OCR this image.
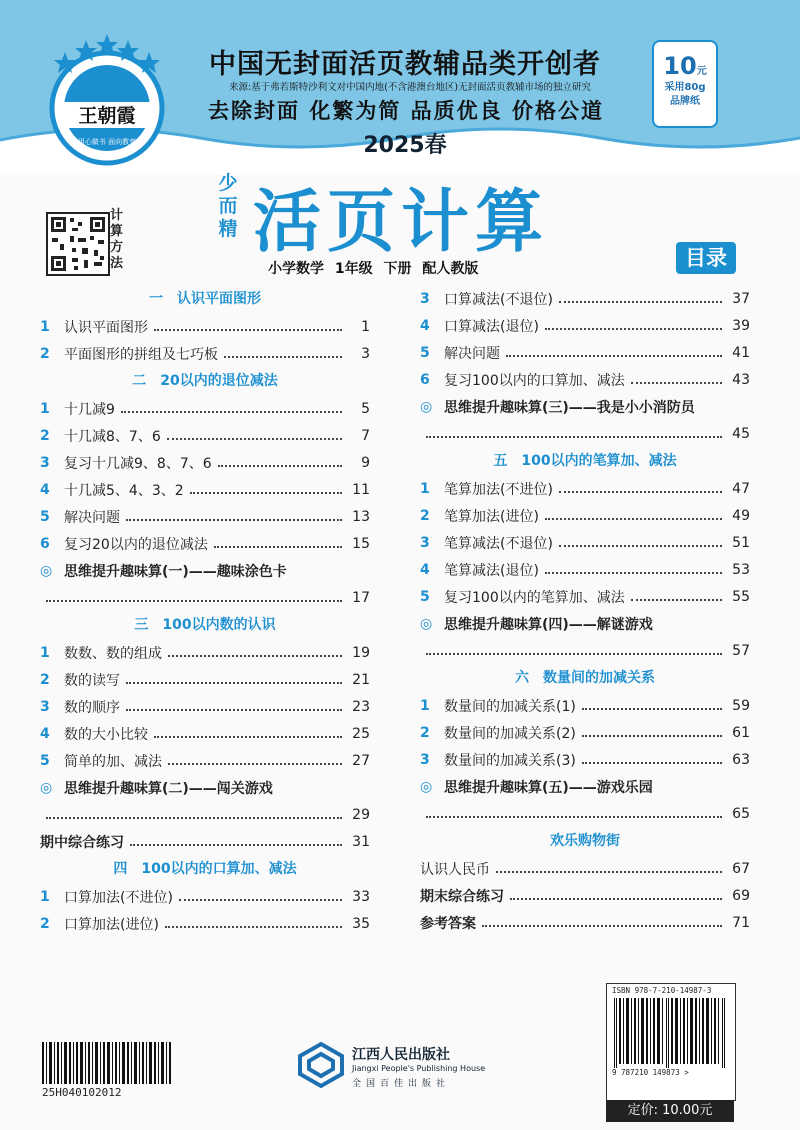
王朝霞
用心做书 面向教育
中国无封面活页教辅品类开创者
来源:基于弗若斯特沙利文对中国内地(不含港澳台地区)无封面活页教辅市场的独立研究
去除封面 化繁为简 品质优良 价格公道
2025春
10元
采用80g
品牌纸
计
算
方
法
少
而
精 活页计算
小学数学 1年级 下册 配人教版	目录
一　认识平面图形
1	认识平面图形	1
2	平面图形的拼组及七巧板	3
二　20以内的退位减法
1	十几减9	5
2	十几减8、7、6	7
3	复习十几减9、8、7、6	9
4	十几减5、4、3、2	11
5	解决问题	13
6	复习20以内的退位减法	15
◎ 思维提升趣味算(一)——趣味涂色卡
17
三　100以内数的认识
1	数数、数的组成	19
2	数的读写	21
3	数的顺序	23
4	数的大小比较	25
5	简单的加、减法	27
◎ 思维提升趣味算(二)——闯关游戏
29
期中综合练习	31
四　100以内的口算加、减法
1	口算加法(不进位)	33
2	口算加法(进位)	35
3	口算减法(不退位)	37
4	口算减法(退位)	39
5	解决问题	41
6	复习100以内的口算加、减法	43
◎ 思维提升趣味算(三)——我是小小消防员
45
五　100以内的笔算加、减法
1	笔算加法(不进位)	47
2	笔算加法(进位)	49
3	笔算减法(不退位)	51
4	笔算减法(退位)	53
5	复习100以内的笔算加、减法	55
◎ 思维提升趣味算(四)——解谜游戏
57
六　数量间的加减关系
1	数量间的加减关系(1)	59
2	数量间的加减关系(2)	61
3	数量间的加减关系(3)	63
◎ 思维提升趣味算(五)——游戏乐园
65
欢乐购物街
认识人民币	67
期末综合练习	69
参考答案	71
25H040102012
江西人民出版社
Jiangxi People's Publishing House
全国百佳出版社
ISBN 978-7-210-14987-3
9 787210 149873 >
定价: 10.00元
